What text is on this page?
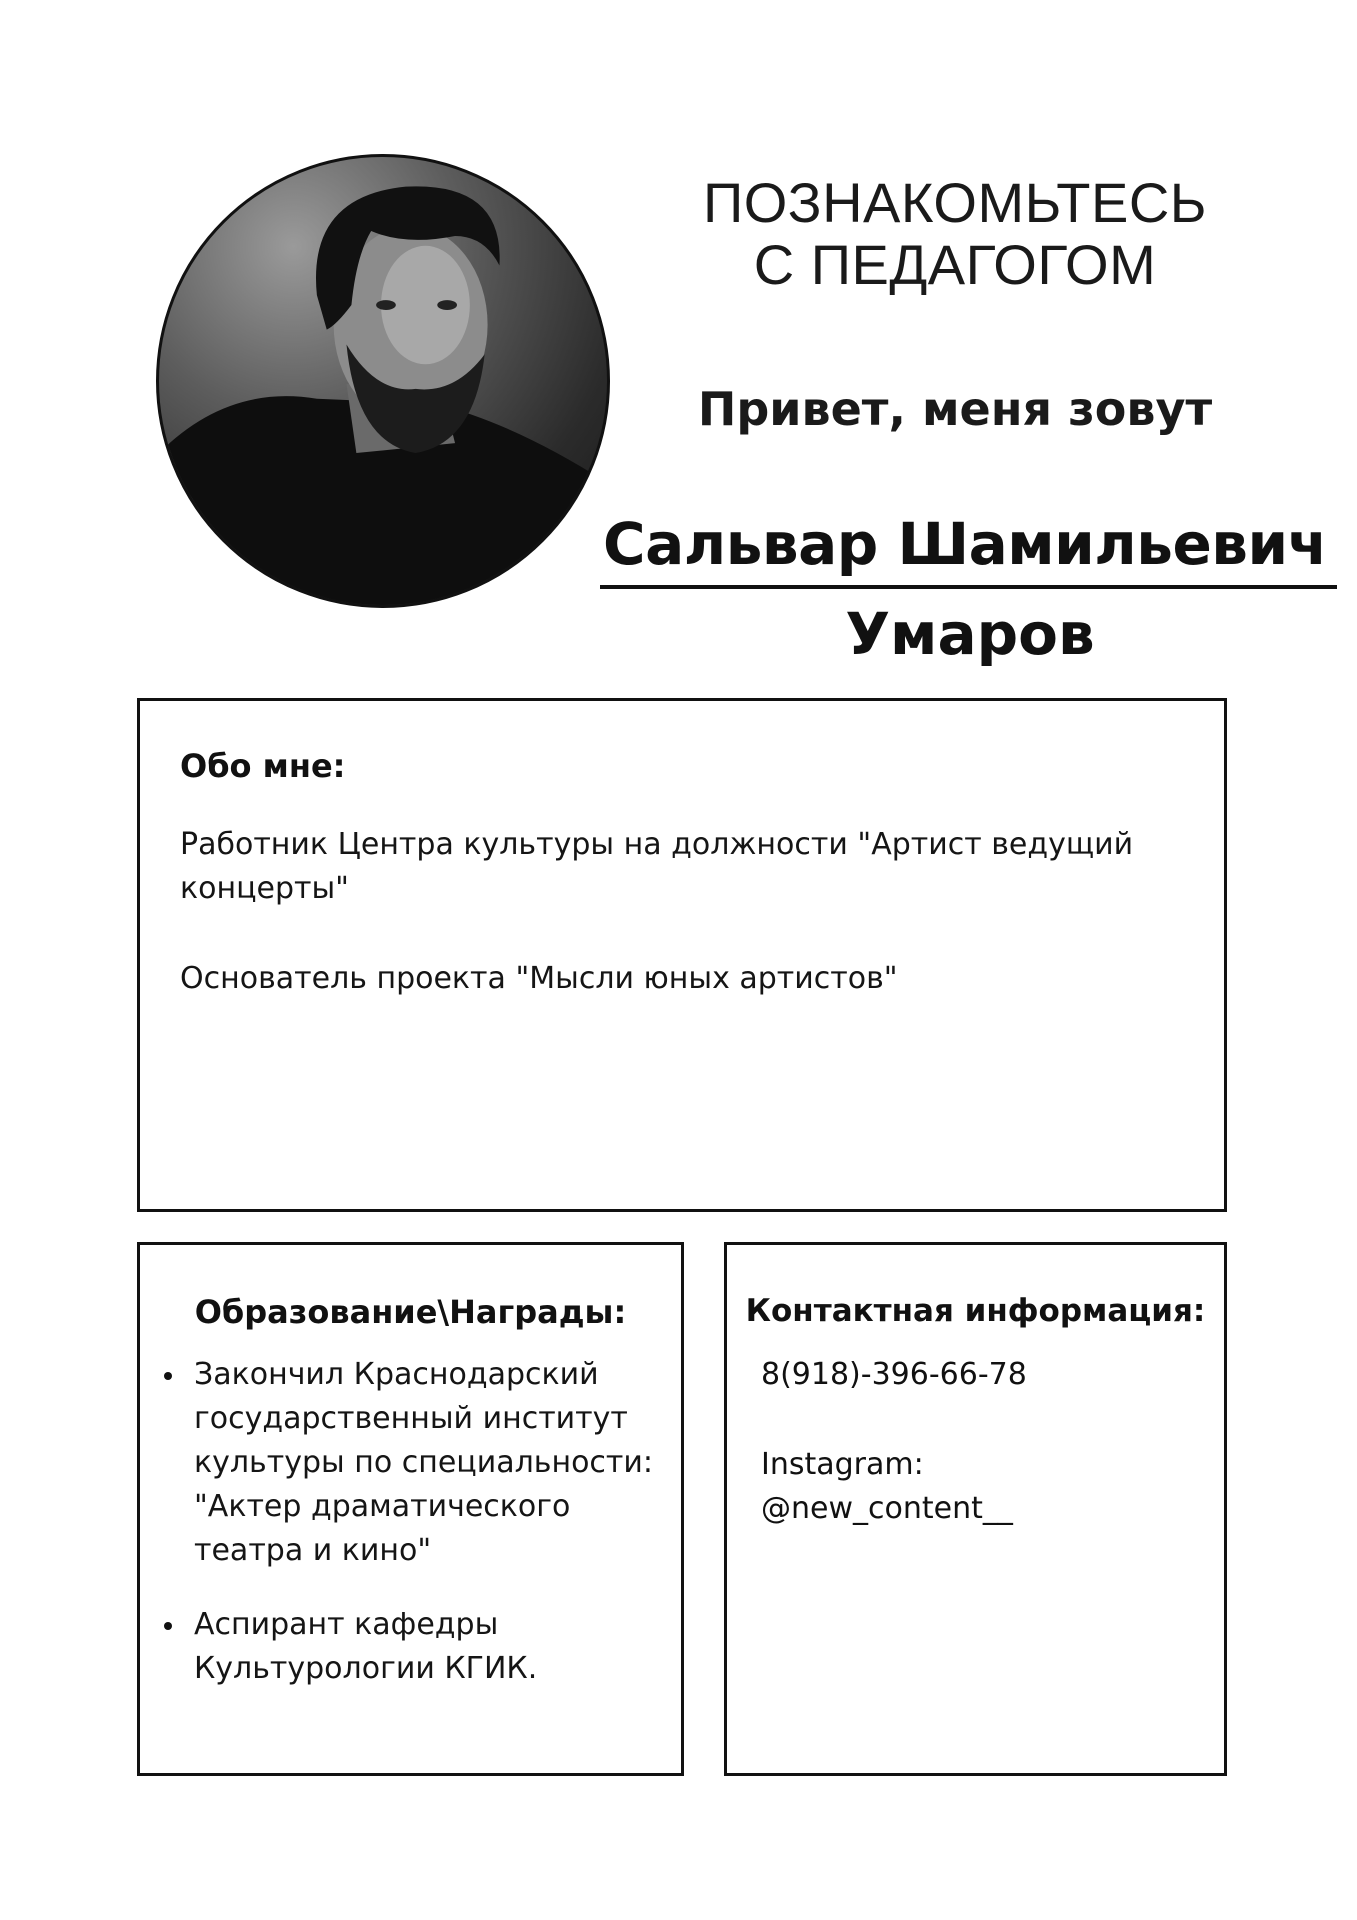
ПОЗНАКОМЬТЕСЬ
С ПЕДАГОГОМ
Привет, меня зовут
Сальвар Шамильевич
Умаров
Обо мне:
Работник Центра культуры на должности "Артист ведущий концерты"
Основатель проекта "Мысли юных артистов"
Образование\Награды:
Закончил Краснодарский государственный институт культуры по специальности: "Актер драматического театра и кино"
Аспирант кафедры Культурологии КГИК.
Контактная информация:
8(918)-396-66-78
Instagram:
@new_content__
